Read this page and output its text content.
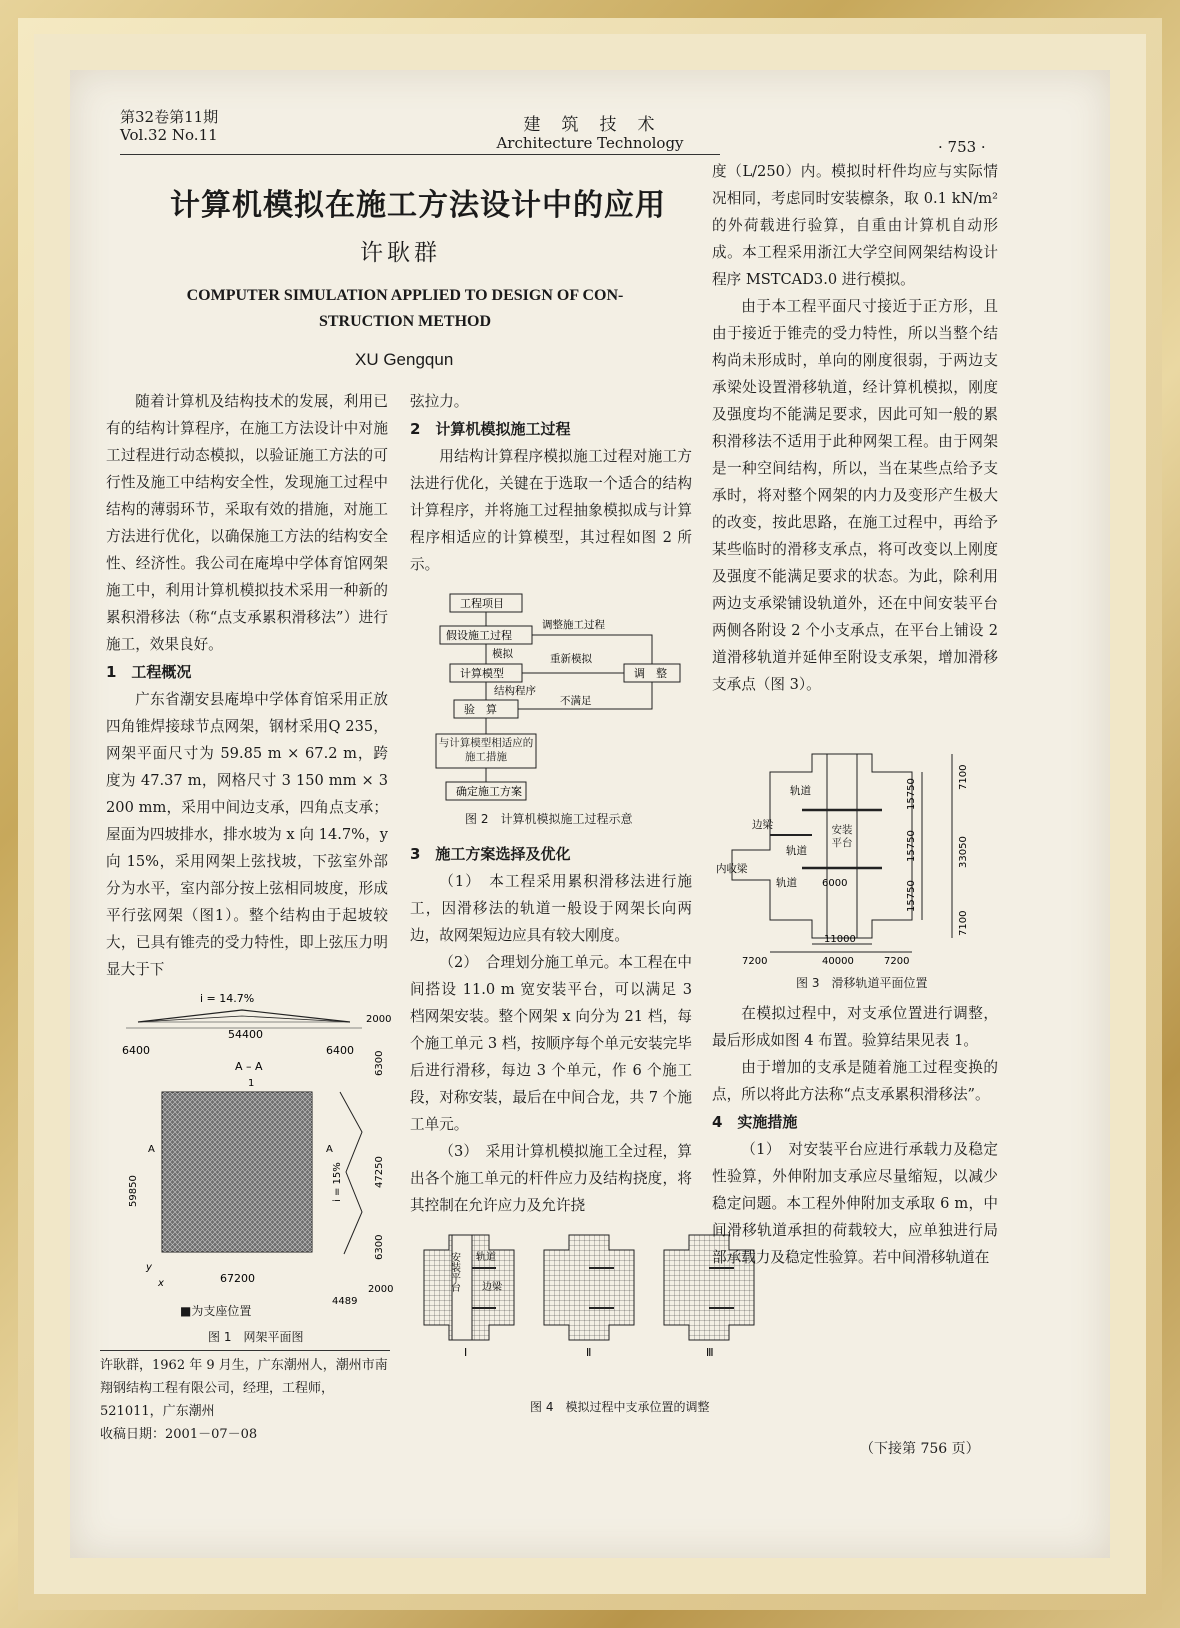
第32卷第11期
Vol.32 No.11	建　筑　技　术
Architecture Technology	· 753 ·
计算机模拟在施工方法设计中的应用
许耿群
COMPUTER SIMULATION APPLIED TO DESIGN OF CON- STRUCTION METHOD
XU Gengqun

随着计算机及结构技术的发展，利用已有的结构计算程序，在施工方法设计中对施工过程进行动态模拟，以验证施工方法的可行性及施工中结构安全性，发现施工过程中结构的薄弱环节，采取有效的措施，对施工方法进行优化，以确保施工方法的结构安全性、经济性。我公司在庵埠中学体育馆网架施工中，利用计算机模拟技术采用一种新的累积滑移法（称“点支承累积滑移法”）进行施工，效果良好。

1　工程概况

广东省潮安县庵埠中学体育馆采用正放四角锥焊接球节点网架，钢材采用Q 235，网架平面尺寸为 59.85 m × 67.2 m，跨度为 47.37 m，网格尺寸 3 150 mm × 3 200 mm，采用中间边支承，四角点支承；屋面为四坡排水，排水坡为 x 向 14.7%，y 向 15%，采用网架上弦找坡，下弦室外部分为水平，室内部分按上弦相同坡度，形成平行弦网架（图1）。整个结构由于起坡较大，已具有锥壳的受力特性，即上弦压力明显大于下

i = 14.7%
54400
6400	6400
2000
A – A
1
A	A
59850
67200
y
x
i = 15%
6300
47250
6300
2000
4489
■为支座位置
图 1　网架平面图
许耿群，1962 年 9 月生，广东潮州人，潮州市南翔钢结构工程有限公司，经理，工程师，521011，广东潮州
收稿日期：2001－07－08

弦拉力。

2　计算机模拟施工过程

用结构计算程序模拟施工过程对施工方法进行优化，关键在于选取一个适合的结构计算程序，并将施工过程抽象模拟成与计算程序相适应的计算模型，其过程如图 2 所示。

工程项目
假设施工过程
计算模型
验　算
与计算模型相适应的施工措施
确定施工方案
调　整
调整施工过程
模拟	重新模拟
结构程序
不满足
图 2　计算机模拟施工过程示意
3　施工方案选择及优化

（1）　本工程采用累积滑移法进行施工，因滑移法的轨道一般设于网架长向两边，故网架短边应具有较大刚度。

（2）　合理划分施工单元。本工程在中间搭设 11.0 m 宽安装平台，可以满足 3 档网架安装。整个网架 x 向分为 21 档，每个施工单元 3 档，按顺序每个单元安装完毕后进行滑移，每边 3 个单元，作 6 个施工段，对称安装，最后在中间合龙，共 7 个施工单元。

（3）　采用计算机模拟施工全过程，算出各个施工单元的杆件应力及结构挠度，将其控制在允许应力及允许挠

安装平台 轨道
边梁
Ⅰ	Ⅱ	Ⅲ
图 4　模拟过程中支承位置的调整

度（L/250）内。模拟时杆件均应与实际情况相同，考虑同时安装檩条，取 0.1 kN/m² 的外荷载进行验算，自重由计算机自动形成。本工程采用浙江大学空间网架结构设计程序 MSTCAD3.0 进行模拟。

由于本工程平面尺寸接近于正方形，且由于接近于锥壳的受力特性，所以当整个结构尚未形成时，单向的刚度很弱，于两边支承梁处设置滑移轨道，经计算机模拟，刚度及强度均不能满足要求，因此可知一般的累积滑移法不适用于此种网架工程。由于网架是一种空间结构，所以，当在某些点给予支承时，将对整个网架的内力及变形产生极大的改变，按此思路，在施工过程中，再给予某些临时的滑移支承点，将可改变以上刚度及强度不能满足要求的状态。为此，除利用两边支承梁铺设轨道外，还在中间安装平台两侧各附设 2 个小支承点，在平台上铺设 2 道滑移轨道并延伸至附设支承架，增加滑移支承点（图 3）。

轨道
边梁
轨道
内收梁
轨道
安装平台
6000
15750
15750
15750
7100
33050
7100
11000
7200	40000	7200
图 3　滑移轨道平面位置

在模拟过程中，对支承位置进行调整，最后形成如图 4 布置。验算结果见表 1。

由于增加的支承是随着施工过程变换的点，所以将此方法称“点支承累积滑移法”。

4　实施措施

（1）　对安装平台应进行承载力及稳定性验算，外伸附加支承应尽量缩短，以减少稳定问题。本工程外伸附加支承取 6 m，中间滑移轨道承担的荷载较大，应单独进行局部承载力及稳定性验算。若中间滑移轨道在

（下接第 756 页）
